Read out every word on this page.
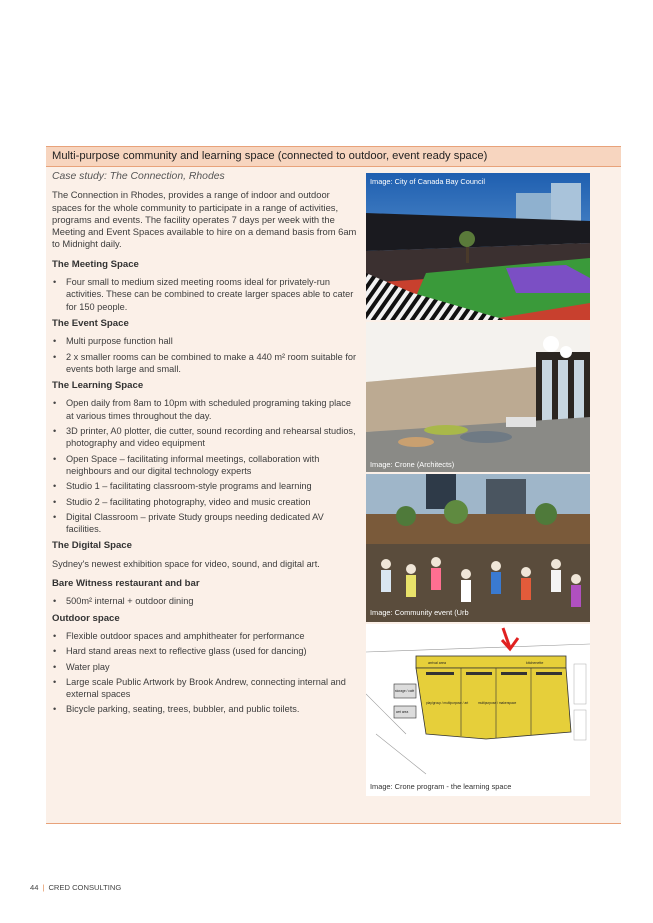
Multi-purpose community and learning space (connected to outdoor, event ready space)
Case study: The Connection, Rhodes
The Connection in Rhodes, provides a range of indoor and outdoor spaces for the whole community to participate in a range of activities, programs and events. The facility operates 7 days per week with the Meeting and Event Spaces available to hire on a demand basis from 6am to Midnight daily.
The Meeting Space
• Four small to medium sized meeting rooms ideal for privately-run activities. These can be combined to create larger spaces able to cater for 150 people.
The Event Space
• Multi purpose function hall
• 2 x smaller rooms can be combined to make a 440 m² room suitable for events both large and small.
The Learning Space
• Open daily from 8am to 10pm with scheduled programing taking place at various times throughout the day.
• 3D printer, A0 plotter, die cutter, sound recording and rehearsal studios, photography and video equipment
• Open Space – facilitating informal meetings, collaboration with neighbours and our digital technology experts
• Studio 1 – facilitating classroom-style programs and learning
• Studio 2 – facilitating photography, video and music creation
• Digital Classroom – private Study groups needing dedicated AV facilities.
The Digital Space

Sydney's newest exhibition space for video, sound, and digital art.

Bare Witness restaurant and bar
• 500m² internal + outdoor dining
Outdoor space
• Flexible outdoor spaces and amphitheater for performance
• Hard stand areas next to reflective glass (used for dancing)
• Water play
• Large scale Public Artwork by Brook Andrew, connecting internal and external spaces
• Bicycle parking, seating, trees, bubbler, and public toilets.
Image: City of Canada Bay Council
Image: Crone (Architects)
Image: Community event (Urb
arrival area	kitchenette
storage / café
wet area
play/group / multipurpose / art	multipurpose / makerspace
Image: Crone program - the learning space
44 | CRED CONSULTING
